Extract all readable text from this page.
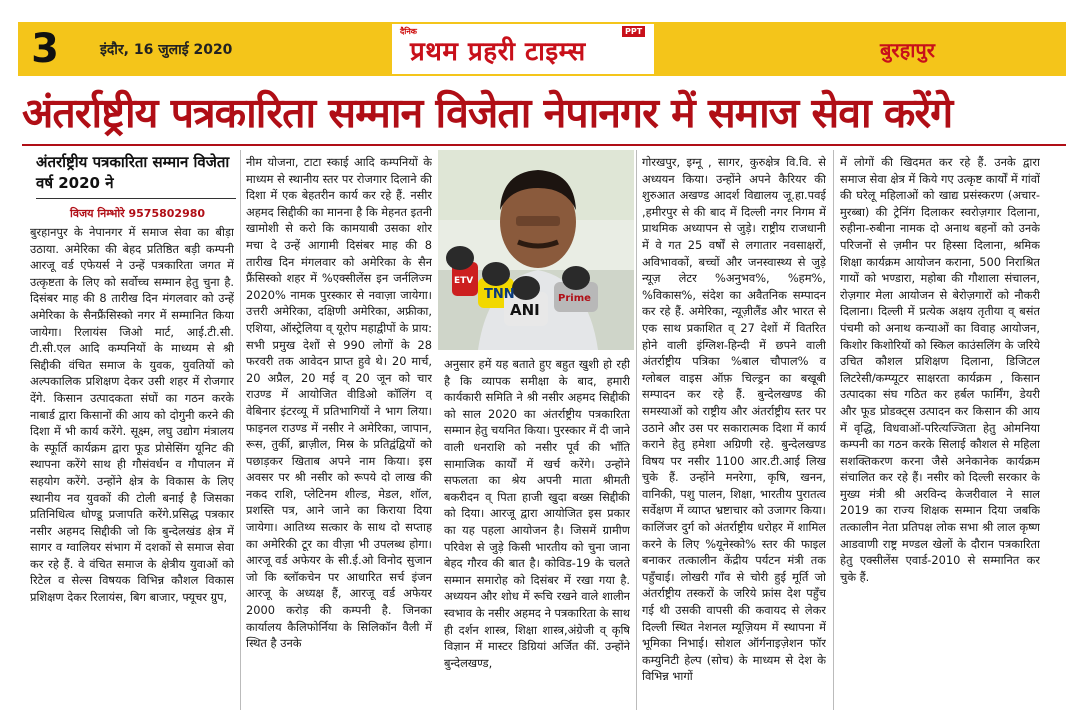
3	इंदौर, 16 जुलाई 2020
दैनिक
प्रथम प्रहरी टाइम्स
PPT
बुरहापुर
अंतर्राष्ट्रीय पत्रकारिता सम्मान विजेता नेपानगर में समाज सेवा करेंगे
अंतर्राष्ट्रीय पत्रकारिता सम्मान विजेता वर्ष 2020 ने
विजय निम्भोरे 9575802980
बुरहानपुर के नेपानगर में समाज सेवा का बीड़ा उठाया. अमेरिका की बेहद प्रतिष्ठित बड़ी कम्पनी आरजू वर्ड एफेयर्स ने उन्हें पत्रकारिता जगत में उत्कृष्टता के लिए को सर्वोच्च सम्मान हेतु चुना है. दिसंबर माह की 8 तारीख दिन मंगलवार को उन्हें अमेरिका के सैनफ्रैंसिस्को नगर में सम्मानित किया जायेगा। रिलायंस जिओ मार्ट, आई.टी.सी. टी.सी.एल आदि कम्पनियों के माध्यम से श्री सिद्दीकी वंचित समाज के युवक, युवतियों को अल्पकालिक प्रशिक्षण देकर उसी शहर में रोजगार देंगे. किसान उत्पादकता संघों का गठन करके नाबार्ड द्वारा किसानों की आय को दोगुनी करने की दिशा में भी कार्य करेंगे. सूक्ष्म, लघु उद्योग मंत्रालय के स्फूर्ति कार्यक्रम द्वारा फूड प्रोसेसिंग यूनिट की स्थापना करेंगे साथ ही गौसंवर्धन व गौपालन में सहयोग करेंगे. उन्होंने क्षेत्र के विकास के लिए स्थानीय नव युवकों की टोली बनाई है जिसका प्रतिनिधित्व धोण्डू प्रजापति करेंगे.प्रसिद्ध पत्रकार नसीर अहमद सिद्दीकी जो कि बुन्देलखंड क्षेत्र में सागर व ग्वालियर संभाग में दशकों से समाज सेवा कर रहे हैं. वे वंचित समाज के क्षेत्रीय युवाओं को रिटेल व सेल्स विषयक विभिन्न कौशल विकास प्रशिक्षण देकर रिलायंस, बिग बाजार, फ्यूचर ग्रुप,
नीम योजना, टाटा स्काई आदि कम्पनियों के माध्यम से स्थानीय स्तर पर रोजगार दिलाने की दिशा में एक बेहतरीन कार्य कर रहे हैं. नसीर अहमद सिद्दीकी का मानना है कि मेहनत इतनी खामोशी से करो कि कामयाबी उसका शोर मचा दे उन्हें आगामी दिसंबर माह की 8 तारीख दिन मंगलवार को अमेरिका के सैन फ्रैंसिस्को शहर में %एक्सीलेंस इन जर्नलिज्म 2020% नामक पुरस्कार से नवाज़ा जायेगा। उत्तरी अमेरिका, दक्षिणी अमेरिका, अफ्रीका, एशिया, ऑस्ट्रेलिया व् यूरोप महाद्वीपों के प्राय: सभी प्रमुख देशों से 990 लोगों के 28 फरवरी तक आवेदन प्राप्त हुवे थे। 20 मार्च, 20 अप्रैल, 20 मई व् 20 जून को चार राउण्ड में आयोजित वीडिओ कॉलिंग व् वेबिनार इंटरव्यू में प्रतिभागियों ने भाग लिया। फाइनल राउण्ड में नसीर ने अमेरिका, जापान, रूस, तुर्की, ब्राज़ील, मिस्र के प्रतिद्वंद्वियों को पछाड़कर खिताब अपने नाम किया। इस अवसर पर श्री नसीर को रूपये दो लाख की नकद राशि, प्लेटिनम शील्ड, मेडल, शॉल, प्रशस्ति पत्र, आने जाने का किराया दिया जायेगा। आतिथ्य सत्कार के साथ दो सप्ताह का अमेरिकी टूर का वीज़ा भी उपलब्ध होगा। आरजू वर्ड अफेयर के सी.ई.ओ विनोद सुजान जो कि ब्लॉकचेन पर आधारित सर्च इंजन आरजू के अध्यक्ष हैं, आरजू वर्ड अफेयर 2000 करोड़ की कम्पनी है. जिनका कार्यालय कैलिफोर्निया के सिलिकॉन वैली में स्थित है उनके
TNN
ANI
ETV
Prime
अनुसार हमें यह बताते हुए बहुत खुशी हो रही है कि व्यापक समीक्षा के बाद, हमारी कार्यकारी समिति ने श्री नसीर अहमद सिद्दीकी को साल 2020 का अंतर्राष्ट्रीय पत्रकारिता सम्मान हेतु चयनित किया। पुरस्कार में दी जाने वाली धनराशि को नसीर पूर्व की भाँति सामाजिक कार्यों में खर्च करेंगे। उन्होंने सफलता का श्रेय अपनी माता श्रीमती बकरीदन व् पिता हाजी खुदा बख्स सिद्दीकी को दिया। आरजू द्वारा आयोजित इस प्रकार का यह पहला आयोजन है। जिसमें ग्रामीण परिवेश से जुड़े किसी भारतीय को चुना जाना बेहद गौरव की बात है। कोविड-19 के चलते सम्मान समारोह को दिसंबर में रखा गया है. अध्ययन और शोध में रूचि रखने वाले शालीन स्वभाव के नसीर अहमद ने पत्रकारिता के साथ ही दर्शन शास्त्र, शिक्षा शास्त्र,अंग्रेजी व् कृषि विज्ञान में मास्टर डिग्रियां अर्जित कीं. उन्होंने बुन्देलखण्ड,
गोरखपुर, इग्नू , सागर, कुरुक्षेत्र वि.वि. से अध्ययन किया। उन्होंने अपने कैरियर की शुरुआत अखण्ड आदर्श विद्यालय जू.हा.पवई ,हमीरपुर से की बाद में दिल्ली नगर निगम में प्राथमिक अध्यापन से जुड़े। राष्ट्रीय राजधानी में वे गत 25 वर्षों से लगातार नवसाक्षरों, अविभावकों, बच्चों और जनस्वास्थ्य से जुड़े न्यूज़ लेटर %अनुभव%, %हम%, %विकास%, संदेश का अवैतनिक सम्पादन कर रहे हैं. अमेरिका, न्यूज़ीलैंड और भारत से एक साथ प्रकाशित व् 27 देशों में वितरित होने वाली इंग्लिश-हिन्दी में छपने वाली अंतर्राष्ट्रीय पत्रिका %बाल चौपाल% व ग्लोबल वाइस ऑफ़ चिल्ड्रन का बखूबी सम्पादन कर रहे हैं. बुन्देलखण्ड की समस्याओं को राष्ट्रीय और अंतर्राष्ट्रीय स्तर पर उठाने और उस पर सकारात्मक दिशा में कार्य कराने हेतु हमेशा अग्रिणी रहे. बुन्देलखण्ड विषय पर नसीर 1100 आर.टी.आई लिख चुके हैं. उन्होंने मनरेगा, कृषि, खनन, वानिकी, पशु पालन, शिक्षा, भारतीय पुरातत्व सर्वेक्षण में व्याप्त भ्रष्टाचार को उजागर किया। कालिंजर दुर्ग को अंतर्राष्ट्रीय धरोहर में शामिल करने के लिए %यूनेस्को% स्तर की फाइल बनाकर तत्कालीन केंद्रीय पर्यटन मंत्री तक पहुँचाई। लोखरी गाँव से चोरी हुई मूर्ति जो अंतर्राष्ट्रीय तस्करों के जरिये फ्रांस देश पहुँच गई थी उसकी वापसी की कवायद से लेकर दिल्ली स्थित नेशनल म्यूज़ियम में स्थापना में भूमिका निभाई। सोशल ऑर्गनाइज़ेशन फॉर कम्युनिटी हेल्प (सोच) के माध्यम से देश के विभिन्न भागों
में लोगों की खिदमत कर रहे हैं. उनके द्वारा समाज सेवा क्षेत्र में किये गए उत्कृष्ट कार्यों में गांवों की घरेलू महिलाओं को खाद्य प्रसंस्करण (अचार-मुरब्बा) की ट्रेनिंग दिलाकर स्वरोज़गार दिलाना, रुहीना-रुबीना नामक दो अनाथ बहनों को उनके परिजनों से ज़मीन पर हिस्सा दिलाना, श्रमिक शिक्षा कार्यक्रम आयोजन कराना, 500 निराश्रित गायों को भण्डारा, महोबा की गौशाला संचालन, रोज़गार मेला आयोजन से बेरोज़गारों को नौकरी दिलाना। दिल्ली में प्रत्येक अक्षय तृतीया व् बसंत पंचमी को अनाथ कन्याओं का विवाह आयोजन, किशोर किशोरियों को स्किल काउंसलिंग के जरिये उचित कौशल प्रशिक्षण दिलाना, डिजिटल लिटरेसी/कम्प्यूटर साक्षरता कार्यक्रम , किसान उत्पादका संघ गठित कर हर्बल फार्मिंग, डेयरी और फूड प्रोडक्ट्स उत्पादन कर किसान की आय में वृद्धि, विधवाओं-परित्यज्जिता हेतु ओमनिया कम्पनी का गठन करके सिलाई कौशल से महिला सशक्तिकरण करना जैसे अनेकानेक कार्यक्रम संचालित कर रहे हैं। नसीर को दिल्ली सरकार के मुख्य मंत्री श्री अरविन्द केजरीवाल ने साल 2019 का राज्य शिक्षक सम्मान दिया जबकि तत्कालीन नेता प्रतिपक्ष लोक सभा श्री लाल कृष्ण आडवाणी राष्ट्र मण्डल खेलों के दौरान पत्रकारिता हेतु एक्सीलेंस एवार्ड-2010 से सम्मानित कर चुके हैं.
